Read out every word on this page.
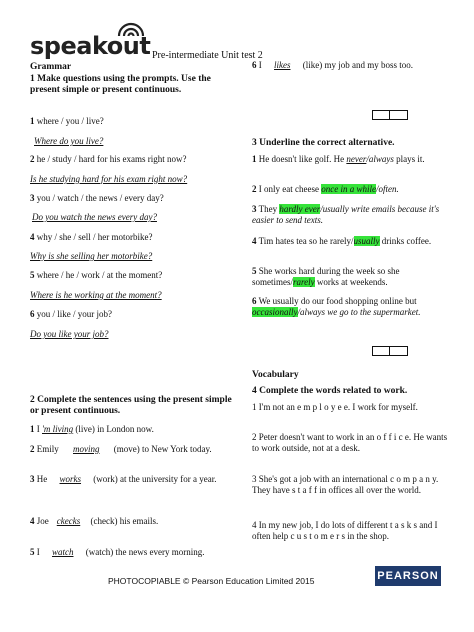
speakout Pre-intermediate Unit test 2
Grammar
1 Make questions using the prompts. Use the present simple or present continuous.
1 where / you / live?
Where do you live?
2 he / study / hard for his exams right now?
Is he studying hard for his exam right now?
3 you / watch / the news / every day?
Do you watch the news every day?
4 why / she / sell / her motorbike?
Why is she selling her motorbike?
5 where / he / work / at the moment?
Where is he working at the moment?
6 you / like / your job?
Do you like your job?
2 Complete the sentences using the present simple or present continuous.
1 I 'm living (live) in London now.
2 Emily moving (move) to New York today.
3 He works (work) at the university for a year.
4 Joe ckecks (check) his emails.
5 I watch (watch) the news every morning.
6 I likes (like) my job and my boss too.
3 Underline the correct alternative.
1 He doesn't like golf. He never/always plays it.
2 I only eat cheese once in a while/often.
3 They hardly ever/usually write emails because it's easier to send texts.
4 Tim hates tea so he rarely/usually drinks coffee.
5 She works hard during the week so she sometimes/rarely works at weekends.
6 We usually do our food shopping online but occasionally/always we go to the supermarket.
Vocabulary
4 Complete the words related to work.
1 I'm not an e m p l o y e e. I work for myself.
2 Peter doesn't want to work in an o f f i c e. He wants to work outside, not at a desk.
3 She's got a job with an international c o m p a n y. They have s t a f f in offices all over the world.
4 In my new job, I do lots of different t a s k s and I often help c u s t o m e r s in the shop.
PHOTOCOPIABLE © Pearson Education Limited 2015	PEARSON
